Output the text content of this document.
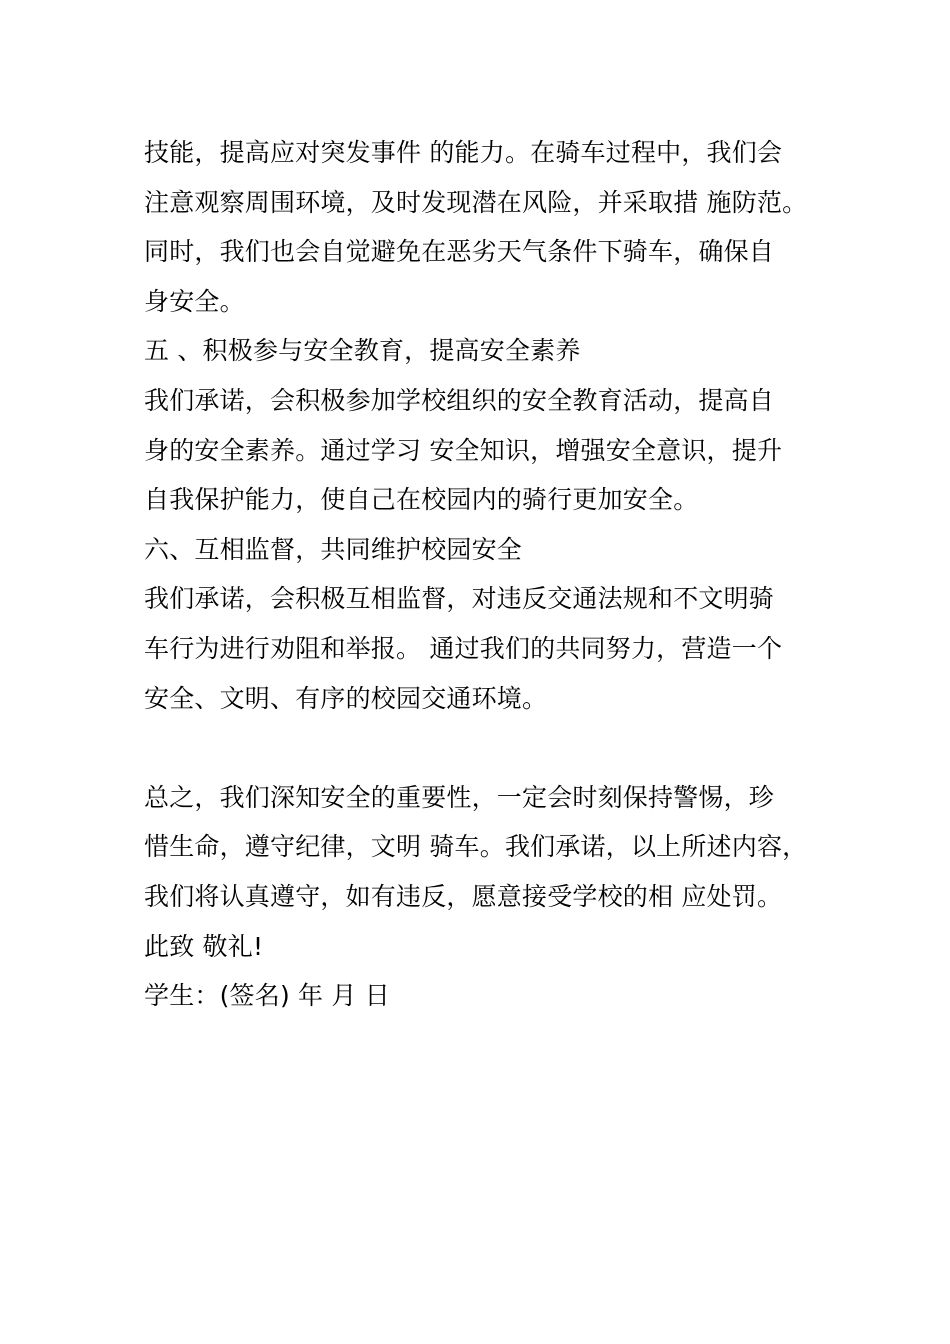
技能，提高应对突发事件 的能力。在骑车过程中，我们会
注意观察周围环境，及时发现潜在风险，并采取措 施防范。
同时，我们也会自觉避免在恶劣天气条件下骑车，确保自
身安全。
五 、积极参与安全教育，提高安全素养
我们承诺，会积极参加学校组织的安全教育活动，提高自
身的安全素养。通过学习 安全知识，增强安全意识，提升
自我保护能力，使自己在校园内的骑行更加安全。
六、互相监督，共同维护校园安全
我们承诺，会积极互相监督，对违反交通法规和不文明骑
车行为进行劝阻和举报。 通过我们的共同努力，营造一个
安全、文明、有序的校园交通环境。
总之，我们深知安全的重要性，一定会时刻保持警惕，珍
惜生命，遵守纪律，文明 骑车。我们承诺，以上所述内容，
我们将认真遵守，如有违反，愿意接受学校的相 应处罚。
此致 敬礼!
学生：(签名) 年 月 日
